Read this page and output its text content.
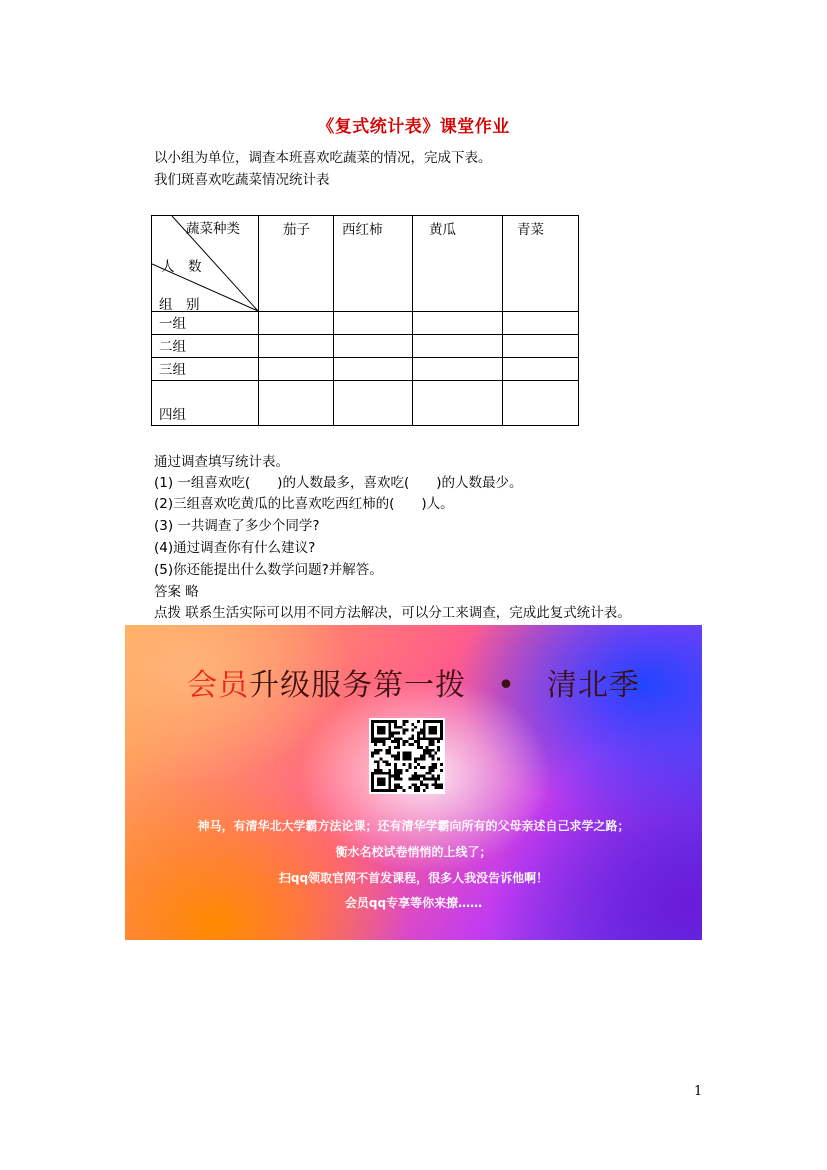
《复式统计表》课堂作业
以小组为单位，调查本班喜欢吃蔬菜的情况，完成下表。
我们斑喜欢吃蔬菜情况统计表
蔬菜种类
人　数
组　别	茄子	西红柿	黄瓜	青菜
一组				
二组				
三组				
四组				
通过调查填写统计表。
(1) 一组喜欢吃(　　)的人数最多，喜欢吃(　　)的人数最少。
(2)三组喜欢吃黄瓜的比喜欢吃西红柿的(　　)人。
(3) 一共调查了多少个同学?
(4)通过调查你有什么建议?
(5)你还能提出什么数学问题?并解答。
答案 略
点拨 联系生活实际可以用不同方法解决，可以分工来调查，完成此复式统计表。
会员升级服务第一拨　•　清北季
神马，有清华北大学霸方法论课；还有清华学霸向所有的父母亲述自己求学之路；
衡水名校试卷悄悄的上线了；
扫qq领取官网不首发课程，很多人我没告诉他啊！
会员qq专享等你来撩……
1
